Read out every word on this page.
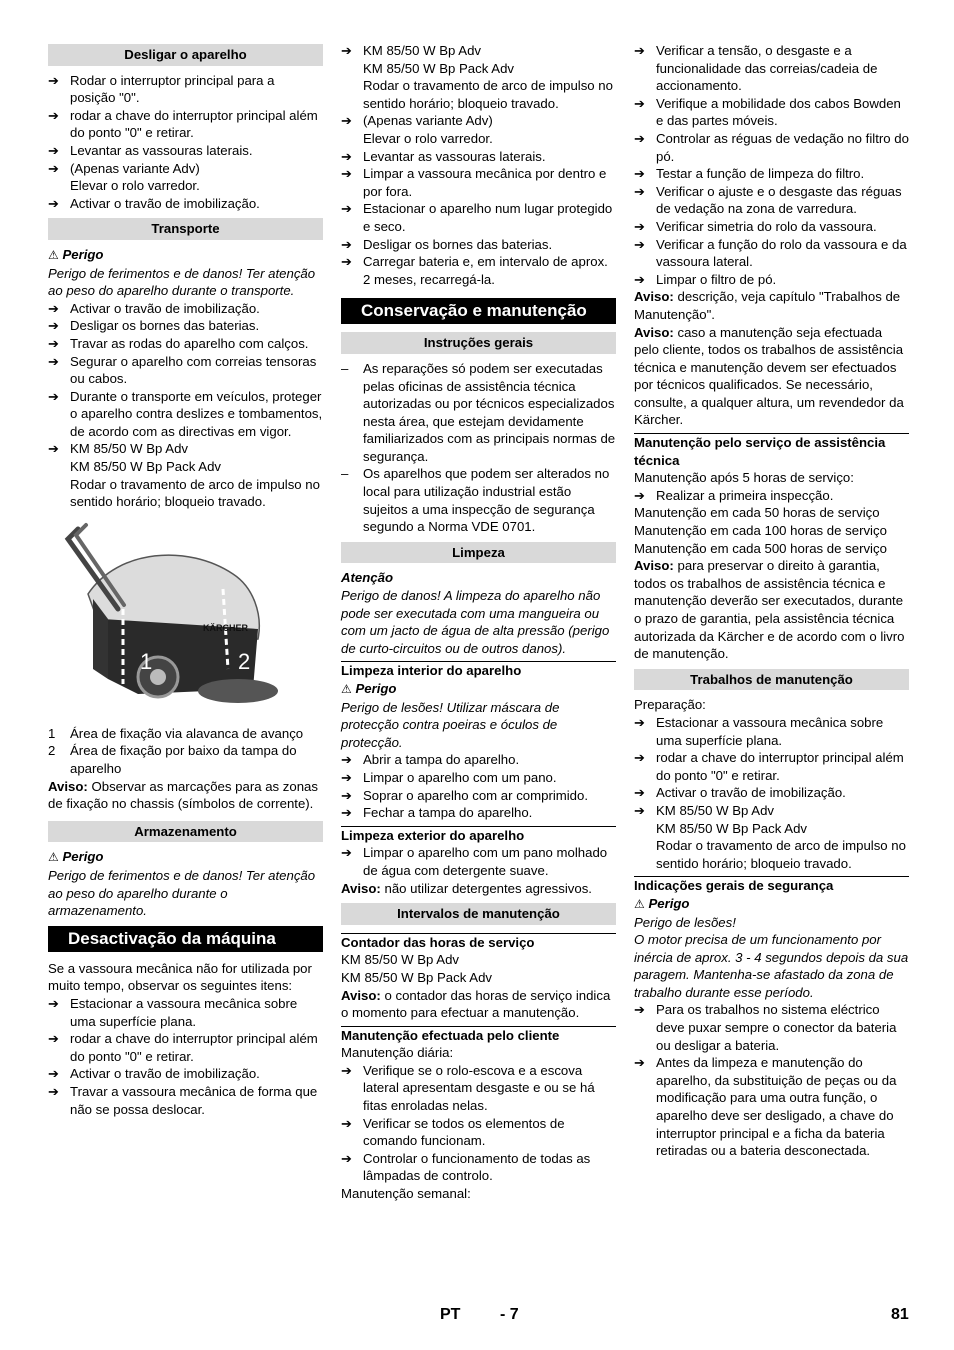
Desligar o aparelho
➔ Rodar o interruptor principal para a posição "0".
➔ rodar a chave do interruptor principal além do ponto "0" e retirar.
➔ Levantar as vassouras laterais.
➔ (Apenas variante Adv)
Elevar o rolo varredor.
➔ Activar o travão de imobilização.
Transporte
⚠ Perigo
Perigo de ferimentos e de danos! Ter atenção ao peso do aparelho durante o transporte.
➔ Activar o travão de imobilização.
➔ Desligar os bornes das baterias.
➔ Travar as rodas do aparelho com calços.
➔ Segurar o aparelho com correias tensoras ou cabos.
➔ Durante o transporte em veículos, proteger o aparelho contra deslizes e tombamentos, de acordo com as directivas em vigor.
➔ KM 85/50 W Bp Adv
KM 85/50 W Bp Pack Adv
Rodar o travamento de arco de impulso no sentido horário; bloqueio travado.
KÄRCHER
1	2
1	Área de fixação via alavanca de avanço
2	Área de fixação por baixo da tampa do aparelho
Aviso: Observar as marcações para as zonas de fixação no chassis (símbolos de corrente).
Armazenamento
⚠ Perigo
Perigo de ferimentos e de danos! Ter atenção ao peso do aparelho durante o armazenamento.
Desactivação da máquina
Se a vassoura mecânica não for utilizada por muito tempo, observar os seguintes itens:
➔ Estacionar a vassoura mecânica sobre uma superfície plana.
➔ rodar a chave do interruptor principal além do ponto "0" e retirar.
➔ Activar o travão de imobilização.
➔ Travar a vassoura mecânica de forma que não se possa deslocar.
➔ KM 85/50 W Bp Adv
KM 85/50 W Bp Pack Adv
Rodar o travamento de arco de impulso no sentido horário; bloqueio travado.
➔ (Apenas variante Adv)
Elevar o rolo varredor.
➔ Levantar as vassouras laterais.
➔ Limpar a vassoura mecânica por dentro e por fora.
➔ Estacionar o aparelho num lugar protegido e seco.
➔ Desligar os bornes das baterias.
➔ Carregar bateria e, em intervalo de aprox. 2 meses, recarregá-la.
Conservação e manutenção
Instruções gerais
–	As reparações só podem ser executadas pelas oficinas de assistência técnica autorizadas ou por técnicos especializados nesta área, que estejam devidamente familiarizados com as principais normas de segurança.
–	Os aparelhos que podem ser alterados no local para utilização industrial estão sujeitos a uma inspecção de segurança segundo a Norma VDE 0701.
Limpeza
Atenção
Perigo de danos! A limpeza do aparelho não pode ser executada com uma mangueira ou com um jacto de água de alta pressão (perigo de curto-circuitos ou de outros danos).
Limpeza interior do aparelho
⚠ Perigo
Perigo de lesões! Utilizar máscara de protecção contra poeiras e óculos de protecção.
➔ Abrir a tampa do aparelho.
➔ Limpar o aparelho com um pano.
➔ Soprar o aparelho com ar comprimido.
➔ Fechar a tampa do aparelho.
Limpeza exterior do aparelho
➔ Limpar o aparelho com um pano molhado de água com detergente suave.
Aviso: não utilizar detergentes agressivos.
Intervalos de manutenção
Contador das horas de serviço
KM 85/50 W Bp Adv
KM 85/50 W Bp Pack Adv
Aviso: o contador das horas de serviço indica o momento para efectuar a manutenção.
Manutenção efectuada pelo cliente
Manutenção diária:
➔ Verifique se o rolo-escova e a escova lateral apresentam desgaste e ou se há fitas enroladas nelas.
➔ Verificar se todos os elementos de comando funcionam.
➔ Controlar o funcionamento de todas as lâmpadas de controlo.
Manutenção semanal:
➔ Verificar a tensão, o desgaste e a funcionalidade das correias/cadeia de accionamento.
➔ Verifique a mobilidade dos cabos Bowden e das partes móveis.
➔ Controlar as réguas de vedação no filtro do pó.
➔ Testar a função de limpeza do filtro.
➔ Verificar o ajuste e o desgaste das réguas de vedação na zona de varredura.
➔ Verificar simetria do rolo da vassoura.
➔ Verificar a função do rolo da vassoura e da vassoura lateral.
➔ Limpar o filtro de pó.
Aviso: descrição, veja capítulo "Trabalhos de Manutenção".
Aviso: caso a manutenção seja efectuada pelo cliente, todos os trabalhos de assistência técnica e manutenção devem ser efectuados por técnicos qualificados. Se necessário, consulte, a qualquer altura, um revendedor da Kärcher.
Manutenção pelo serviço de assistência técnica
Manutenção após 5 horas de serviço:
➔ Realizar a primeira inspecção.
Manutenção em cada 50 horas de serviço
Manutenção em cada 100 horas de serviço
Manutenção em cada 500 horas de serviço
Aviso: para preservar o direito à garantia, todos os trabalhos de assistência técnica e manutenção deverão ser executados, durante o prazo de garantia, pela assistência técnica autorizada da Kärcher e de acordo com o livro de manutenção.
Trabalhos de manutenção
Preparação:
➔ Estacionar a vassoura mecânica sobre uma superfície plana.
➔ rodar a chave do interruptor principal além do ponto "0" e retirar.
➔ Activar o travão de imobilização.
➔ KM 85/50 W Bp Adv
KM 85/50 W Bp Pack Adv
Rodar o travamento de arco de impulso no sentido horário; bloqueio travado.
Indicações gerais de segurança
⚠ Perigo
Perigo de lesões!
O motor precisa de um funcionamento por inércia de aprox. 3 - 4 segundos depois da sua paragem. Mantenha-se afastado da zona de trabalho durante esse período.
➔ Para os trabalhos no sistema eléctrico deve puxar sempre o conector da bateria ou desligar a bateria.
➔ Antes da limpeza e manutenção do aparelho, da substituição de peças ou da modificação para uma outra função, o aparelho deve ser desligado, a chave do interruptor principal e a ficha da bateria retiradas ou a bateria desconectada.
PT - 7	81
